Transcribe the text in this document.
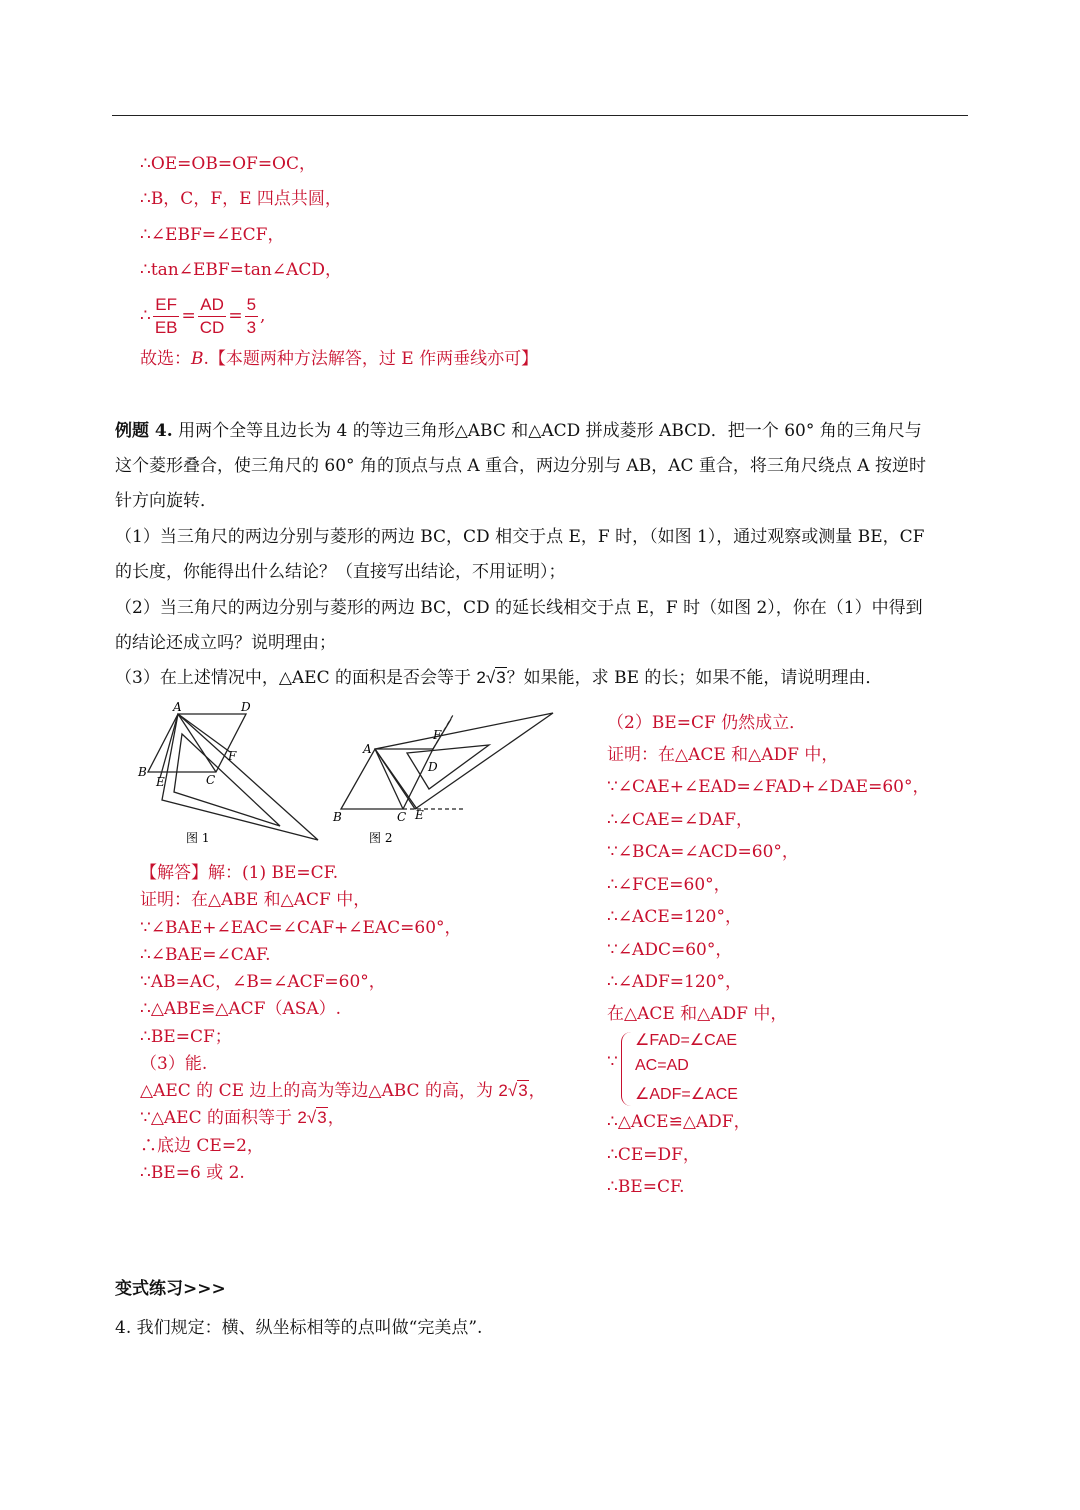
∴OE=OB=OF=OC，
∴B，C，F，E 四点共圆，
∴∠EBF=∠ECF，
∴tan∠EBF=tan∠ACD，
∴ $\frac{EF}{EB} = \frac{AD}{CD} = \frac{5}{3}$ ,
故选：B.【本题两种方法解答，过 E 作两垂线亦可】
例题 4. 用两个全等且边长为 4 的等边三角形△ABC 和△ACD 拼成菱形 ABCD．把一个 60° 角的三角尺与
这个菱形叠合，使三角尺的 60° 角的顶点与点 A 重合，两边分别与 AB，AC 重合，将三角尺绕点 A 按逆时
针方向旋转．
（1）当三角尺的两边分别与菱形的两边 BC，CD 相交于点 E，F 时，（如图 1），通过观察或测量 BE，CF
的长度，你能得出什么结论？（直接写出结论，不用证明）；
（2）当三角尺的两边分别与菱形的两边 BC，CD 的延长线相交于点 E，F 时（如图 2），你在（1）中得到
的结论还成立吗？说明理由；
（3）在上述情况中，△AEC 的面积是否会等于 2√3？如果能，求 BE 的长；如果不能，请说明理由．
A	D
B
E	C
F
图 1
A
F
D
B	C E
图 2
（2）BE=CF 仍然成立．
证明：在△ACE 和△ADF 中，
∵∠CAE+∠EAD=∠FAD+∠DAE=60°，
∴∠CAE=∠DAF，
∵∠BCA=∠ACD=60°，
∴∠FCE=60°，
∴∠ACE=120°，
∵∠ADC=60°，
∴∠ADF=120°，
在△ACE 和△ADF 中，
∵
∠FAD=∠CAE
AC=AD
∠ADF=∠ACE
∴△ACE≌△ADF，
∴CE=DF，
∴BE=CF.
【解答】解：(1) BE=CF.
证明：在△ABE 和△ACF 中，
∵∠BAE+∠EAC=∠CAF+∠EAC=60°，
∴∠BAE=∠CAF.
∵AB=AC，∠B=∠ACF=60°，
∴△ABE≌△ACF（ASA）.
∴BE=CF；
（3）能.
△AEC 的 CE 边上的高为等边△ABC 的高，为 2√3，
∵△AEC 的面积等于 2√3，
∴底边 CE=2，
∴BE=6 或 2.
变式练习>>>
4. 我们规定：横、纵坐标相等的点叫做“完美点”.
